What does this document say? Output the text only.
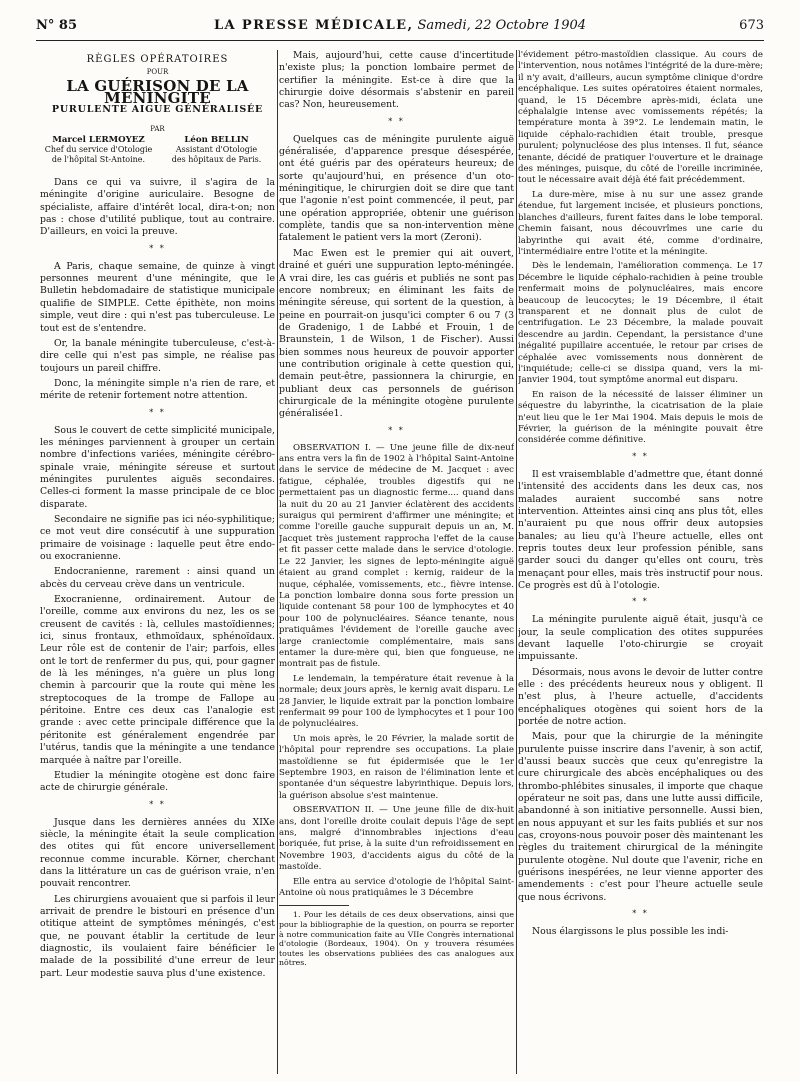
N° 85	LA PRESSE MÉDICALE, Samedi, 22 Octobre 1904	673
RÈGLES OPÉRATOIRES
POUR
LA GUÉRISON DE LA MÉNINGITE
PURULENTE AIGUE GÉNÉRALISÉE
PAR
Marcel LERMOYEZ
Chef du service d'Otologie
de l'hôpital St-Antoine.
Léon BELLIN
Assistant d'Otologie
des hôpitaux de Paris.

Dans ce qui va suivre, il s'agira de la méningite d'origine auriculaire. Besogne de spécialiste, affaire d'intérêt local, dira-t-on; non pas : chose d'utilité publique, tout au contraire. D'ailleurs, en voici la preuve.

* *

A Paris, chaque semaine, de quinze à vingt personnes meurent d'une méningite, que le Bulletin hebdomadaire de statistique municipale qualifie de SIMPLE. Cette épithète, non moins simple, veut dire : qui n'est pas tuberculeuse. Le tout est de s'entendre.

Or, la banale méningite tuberculeuse, c'est-à-dire celle qui n'est pas simple, ne réalise pas toujours un pareil chiffre.

Donc, la méningite simple n'a rien de rare, et mérite de retenir fortement notre attention.

* *

Sous le couvert de cette simplicité municipale, les méninges parviennent à grouper un certain nombre d'infections variées, méningite cérébro-spinale vraie, méningite séreuse et surtout méningites purulentes aiguës secondaires. Celles-ci forment la masse principale de ce bloc disparate.

Secondaire ne signifie pas ici néo-syphilitique; ce mot veut dire consécutif à une suppuration primaire de voisinage : laquelle peut être endo- ou exocranienne.

Endocranienne, rarement : ainsi quand un abcès du cerveau crève dans un ventricule.

Exocranienne, ordinairement. Autour de l'oreille, comme aux environs du nez, les os se creusent de cavités : là, cellules mastoïdiennes; ici, sinus frontaux, ethmoïdaux, sphénoïdaux. Leur rôle est de contenir de l'air; parfois, elles ont le tort de renfermer du pus, qui, pour gagner de là les méninges, n'a guère un plus long chemin à parcourir que la route qui mène les streptocoques de la trompe de Fallope au péritoine. Entre ces deux cas l'analogie est grande : avec cette principale différence que la péritonite est généralement engendrée par l'utérus, tandis que la méningite a une tendance marquée à naître par l'oreille.

Etudier la méningite otogène est donc faire acte de chirurgie générale.

* *

Jusque dans les dernières années du XIXe siècle, la méningite était la seule complication des otites qui fût encore universellement reconnue comme incurable. Körner, cherchant dans la littérature un cas de guérison vraie, n'en pouvait rencontrer.

Les chirurgiens avouaient que si parfois il leur arrivait de prendre le bistouri en présence d'un otitique atteint de symptômes méningés, c'est que, ne pouvant établir la certitude de leur diagnostic, ils voulaient faire bénéficier le malade de la possibilité d'une erreur de leur part. Leur modestie sauva plus d'une existence.

Mais, aujourd'hui, cette cause d'incertitude n'existe plus; la ponction lombaire permet de certifier la méningite. Est-ce à dire que la chirurgie doive désormais s'abstenir en pareil cas? Non, heureusement.

* *

Quelques cas de méningite purulente aiguë généralisée, d'apparence presque désespérée, ont été guéris par des opérateurs heureux; de sorte qu'aujourd'hui, en présence d'un oto-méningitique, le chirurgien doit se dire que tant que l'agonie n'est point commencée, il peut, par une opération appropriée, obtenir une guérison complète, tandis que sa non-intervention mène fatalement le patient vers la mort (Zeroni).

Mac Ewen est le premier qui ait ouvert, drainé et guéri une suppuration lepto-méningée. A vrai dire, les cas guéris et publiés ne sont pas encore nombreux; en éliminant les faits de méningite séreuse, qui sortent de la question, à peine en pourrait-on jusqu'ici compter 6 ou 7 (3 de Gradenigo, 1 de Labbé et Frouin, 1 de Braunstein, 1 de Wilson, 1 de Fischer). Aussi bien sommes nous heureux de pouvoir apporter une contribution originale à cette question qui, demain peut-être, passionnera la chirurgie, en publiant deux cas personnels de guérison chirurgicale de la méningite otogène purulente généralisée1.

* *

OBSERVATION I. — Une jeune fille de dix-neuf ans entra vers la fin de 1902 à l'hôpital Saint-Antoine dans le service de médecine de M. Jacquet : avec fatigue, céphalée, troubles digestifs qui ne permettaient pas un diagnostic ferme.... quand dans la nuit du 20 au 21 Janvier éclatèrent des accidents suraigus qui permirent d'affirmer une méningite; et comme l'oreille gauche suppurait depuis un an, M. Jacquet très justement rapprocha l'effet de la cause et fit passer cette malade dans le service d'otologie. Le 22 Janvier, les signes de lepto-méningite aiguë étaient au grand complet : kernig, raideur de la nuque, céphalée, vomissements, etc., fièvre intense. La ponction lombaire donna sous forte pression un liquide contenant 58 pour 100 de lymphocytes et 40 pour 100 de polynucléaires. Séance tenante, nous pratiquâmes l'évidement de l'oreille gauche avec large craniectomie complémentaire, mais sans entamer la dure-mère qui, bien que fongueuse, ne montrait pas de fistule.

Le lendemain, la température était revenue à la normale; deux jours après, le kernig avait disparu. Le 28 Janvier, le liquide extrait par la ponction lombaire renfermait 99 pour 100 de lymphocytes et 1 pour 100 de polynucléaires.

Un mois après, le 20 Février, la malade sortit de l'hôpital pour reprendre ses occupations. La plaie mastoïdienne se fut épidermisée que le 1er Septembre 1903, en raison de l'élimination lente et spontanée d'un séquestre labyrinthique. Depuis lors, la guérison absolue s'est maintenue.

OBSERVATION II. — Une jeune fille de dix-huit ans, dont l'oreille droite coulait depuis l'âge de sept ans, malgré d'innombrables injections d'eau boriquée, fut prise, à la suite d'un refroidissement en Novembre 1903, d'accidents aigus du côté de la mastoïde.

Elle entra au service d'otologie de l'hôpital Saint-Antoine où nous pratiquâmes le 3 Décembre

1. Pour les détails de ces deux observations, ainsi que pour la bibliographie de la question, on pourra se reporter à notre communication faite au VIIe Congrès international d'otologie (Bordeaux, 1904). On y trouvera résumées toutes les observations publiées des cas analogues aux nôtres.

l'évidement pétro-mastoïdien classique. Au cours de l'intervention, nous notâmes l'intégrité de la dure-mère; il n'y avait, d'ailleurs, aucun symptôme clinique d'ordre encéphalique. Les suites opératoires étaient normales, quand, le 15 Décembre après-midi, éclata une céphalalgie intense avec vomissements répétés; la température monta à 39°2. Le lendemain matin, le liquide céphalo-rachidien était trouble, presque purulent; polynucléose des plus intenses. Il fut, séance tenante, décidé de pratiquer l'ouverture et le drainage des méninges, puisque, du côté de l'oreille incriminée, tout le nécessaire avait déjà été fait précédemment.

La dure-mère, mise à nu sur une assez grande étendue, fut largement incisée, et plusieurs ponctions, blanches d'ailleurs, furent faites dans le lobe temporal. Chemin faisant, nous découvrîmes une carie du labyrinthe qui avait été, comme d'ordinaire, l'intermédiaire entre l'otite et la méningite.

Dès le lendemain, l'amélioration commença. Le 17 Décembre le liquide céphalo-rachidien à peine trouble renfermait moins de polynucléaires, mais encore beaucoup de leucocytes; le 19 Décembre, il était transparent et ne donnait plus de culot de centrifugation. Le 23 Décembre, la malade pouvait descendre au jardin. Cependant, la persistance d'une inégalité pupillaire accentuée, le retour par crises de céphalée avec vomissements nous donnèrent de l'inquiétude; celle-ci se dissipa quand, vers la mi-Janvier 1904, tout symptôme anormal eut disparu.

En raison de la nécessité de laisser éliminer un séquestre du labyrinthe, la cicatrisation de la plaie n'eut lieu que le 1er Mai 1904. Mais depuis le mois de Février, la guérison de la méningite pouvait être considérée comme définitive.

* *

Il est vraisemblable d'admettre que, étant donné l'intensité des accidents dans les deux cas, nos malades auraient succombé sans notre intervention. Atteintes ainsi cinq ans plus tôt, elles n'auraient pu que nous offrir deux autopsies banales; au lieu qu'à l'heure actuelle, elles ont repris toutes deux leur profession pénible, sans garder souci du danger qu'elles ont couru, très menaçant pour elles, mais très instructif pour nous. Ce progrès est dû à l'otologie.

* *

La méningite purulente aiguë était, jusqu'à ce jour, la seule complication des otites suppurées devant laquelle l'oto-chirurgie se croyait impuissante.

Désormais, nous avons le devoir de lutter contre elle : des précédents heureux nous y obligent. Il n'est plus, à l'heure actuelle, d'accidents encéphaliques otogènes qui soient hors de la portée de notre action.

Mais, pour que la chirurgie de la méningite purulente puisse inscrire dans l'avenir, à son actif, d'aussi beaux succès que ceux qu'enregistre la cure chirurgicale des abcès encéphaliques ou des thrombo-phlébites sinusales, il importe que chaque opérateur ne soit pas, dans une lutte aussi difficile, abandonné à son initiative personnelle. Aussi bien, en nous appuyant et sur les faits publiés et sur nos cas, croyons-nous pouvoir poser dès maintenant les règles du traitement chirurgical de la méningite purulente otogène. Nul doute que l'avenir, riche en guérisons inespérées, ne leur vienne apporter des amendements : c'est pour l'heure actuelle seule que nous écrivons.

* *

Nous élargissons le plus possible les indi-
